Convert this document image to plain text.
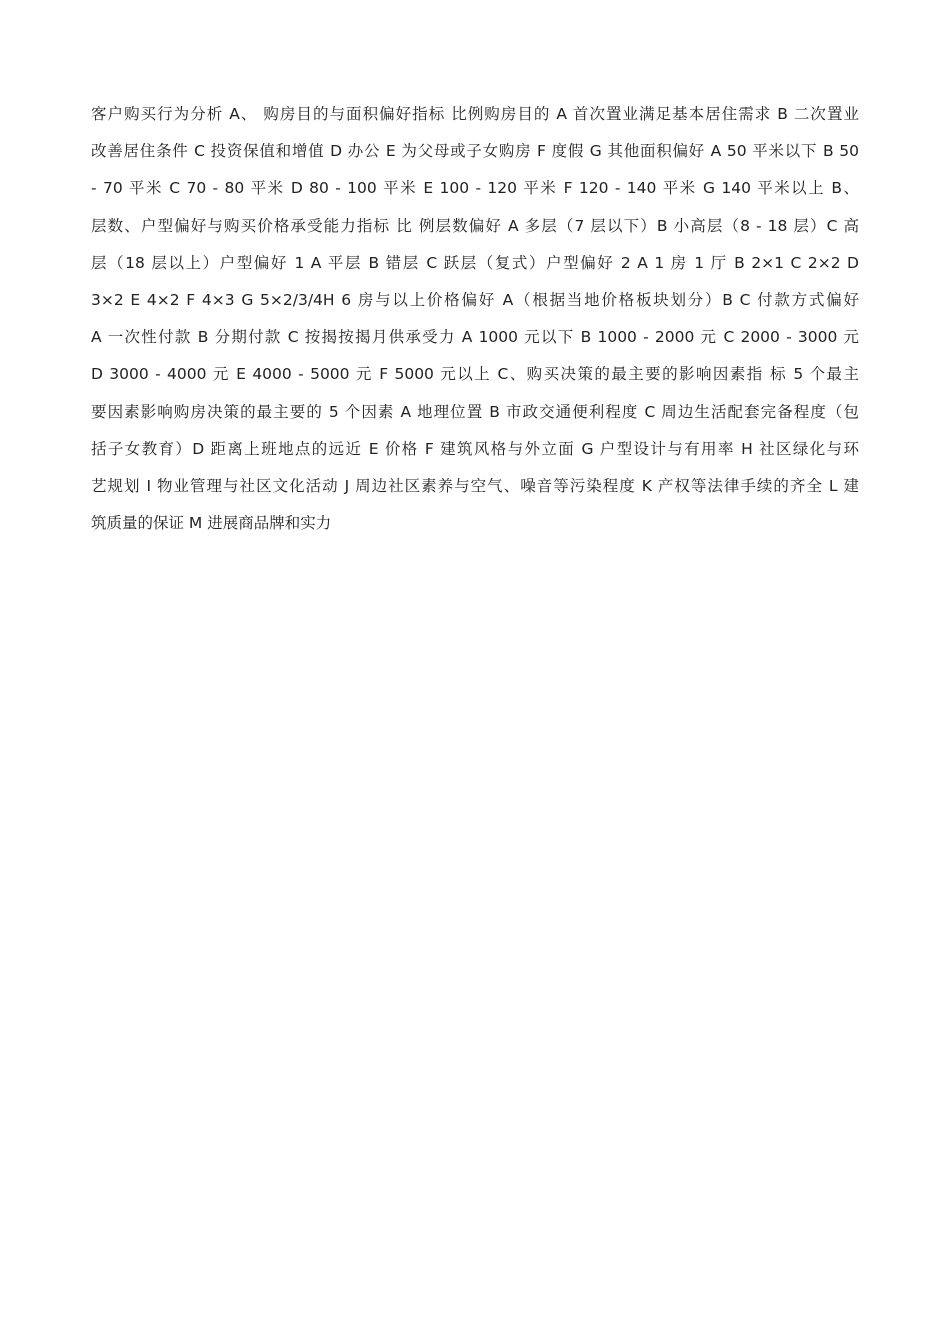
客户购买行为分析 A、 购房目的与面积偏好指标 比例购房目的 A 首次置业满足基本居住需求 B 二次置业
改善居住条件 C 投资保值和增值 D 办公 E 为父母或子女购房 F 度假 G 其他面积偏好 A 50 平米以下 B 50
- 70 平米 C 70 - 80 平米 D 80 - 100 平米 E 100 - 120 平米 F 120 - 140 平米 G 140 平米以上 B、
层数、户型偏好与购买价格承受能力指标 比 例层数偏好 A 多层（7 层以下）B 小高层（8 - 18 层）C 高
层（18 层以上）户型偏好 1 A 平层 B 错层 C 跃层（复式）户型偏好 2 A 1 房 1 厅 B 2×1 C 2×2 D
3×2 E 4×2 F 4×3 G 5×2/3/4H 6 房与以上价格偏好 A（根据当地价格板块划分）B C 付款方式偏好
A 一次性付款 B 分期付款 C 按揭按揭月供承受力 A 1000 元以下 B 1000 - 2000 元 C 2000 - 3000 元
D 3000 - 4000 元 E 4000 - 5000 元 F 5000 元以上 C、购买决策的最主要的影响因素指 标 5 个最主
要因素影响购房决策的最主要的 5 个因素 A 地理位置 B 市政交通便利程度 C 周边生活配套完备程度（包
括子女教育）D 距离上班地点的远近 E 价格 F 建筑风格与外立面 G 户型设计与有用率 H 社区绿化与环
艺规划 I 物业管理与社区文化活动 J 周边社区素养与空气、噪音等污染程度 K 产权等法律手续的齐全 L 建
筑质量的保证 M 进展商品牌和实力
